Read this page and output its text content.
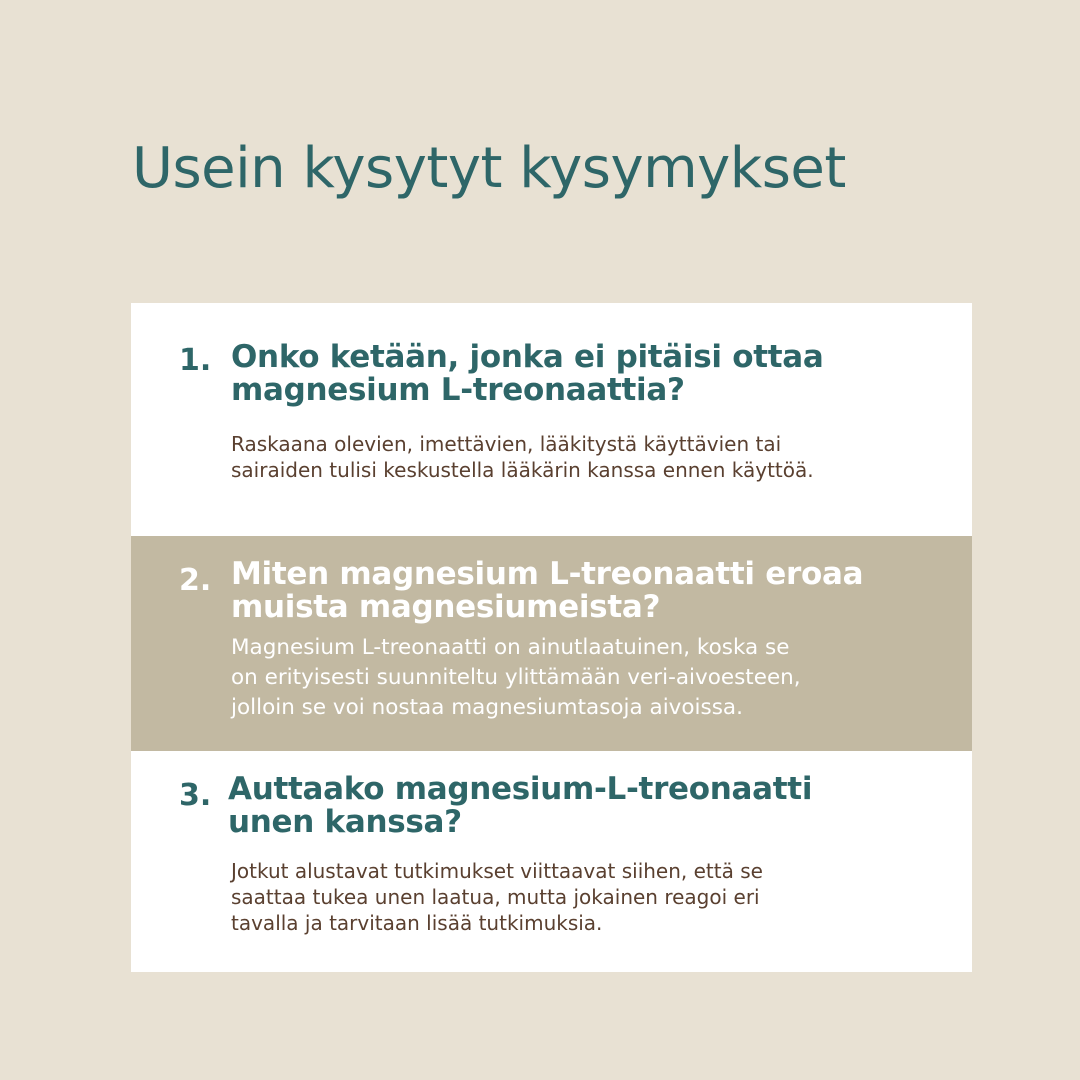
Usein kysytyt kysymykset
1. Onko ketään, jonka ei pitäisi ottaa
magnesium L-treonaattia?
Raskaana olevien, imettävien, lääkitystä käyttävien tai
sairaiden tulisi keskustella lääkärin kanssa ennen käyttöä.
2. Miten magnesium L-treonaatti eroaa
muista magnesiumeista?
Magnesium L-treonaatti on ainutlaatuinen, koska se
on erityisesti suunniteltu ylittämään veri-aivoesteen,
jolloin se voi nostaa magnesiumtasoja aivoissa.
3. Auttaako magnesium-L-treonaatti
unen kanssa?
Jotkut alustavat tutkimukset viittaavat siihen, että se
saattaa tukea unen laatua, mutta jokainen reagoi eri
tavalla ja tarvitaan lisää tutkimuksia.
